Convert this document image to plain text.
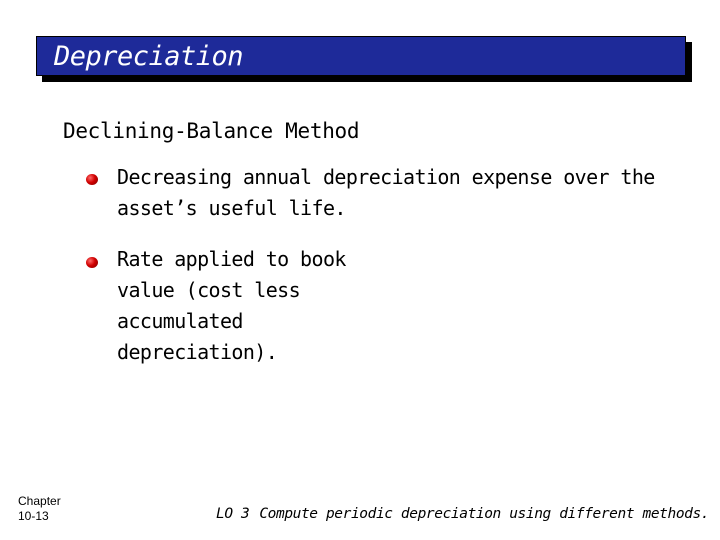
Depreciation
Declining-Balance Method
Decreasing annual depreciation expense over the
asset’s useful life.
Rate applied to book
value (cost less
accumulated
depreciation).
Chapter
10-13	LO 3 Compute periodic depreciation using different methods.
